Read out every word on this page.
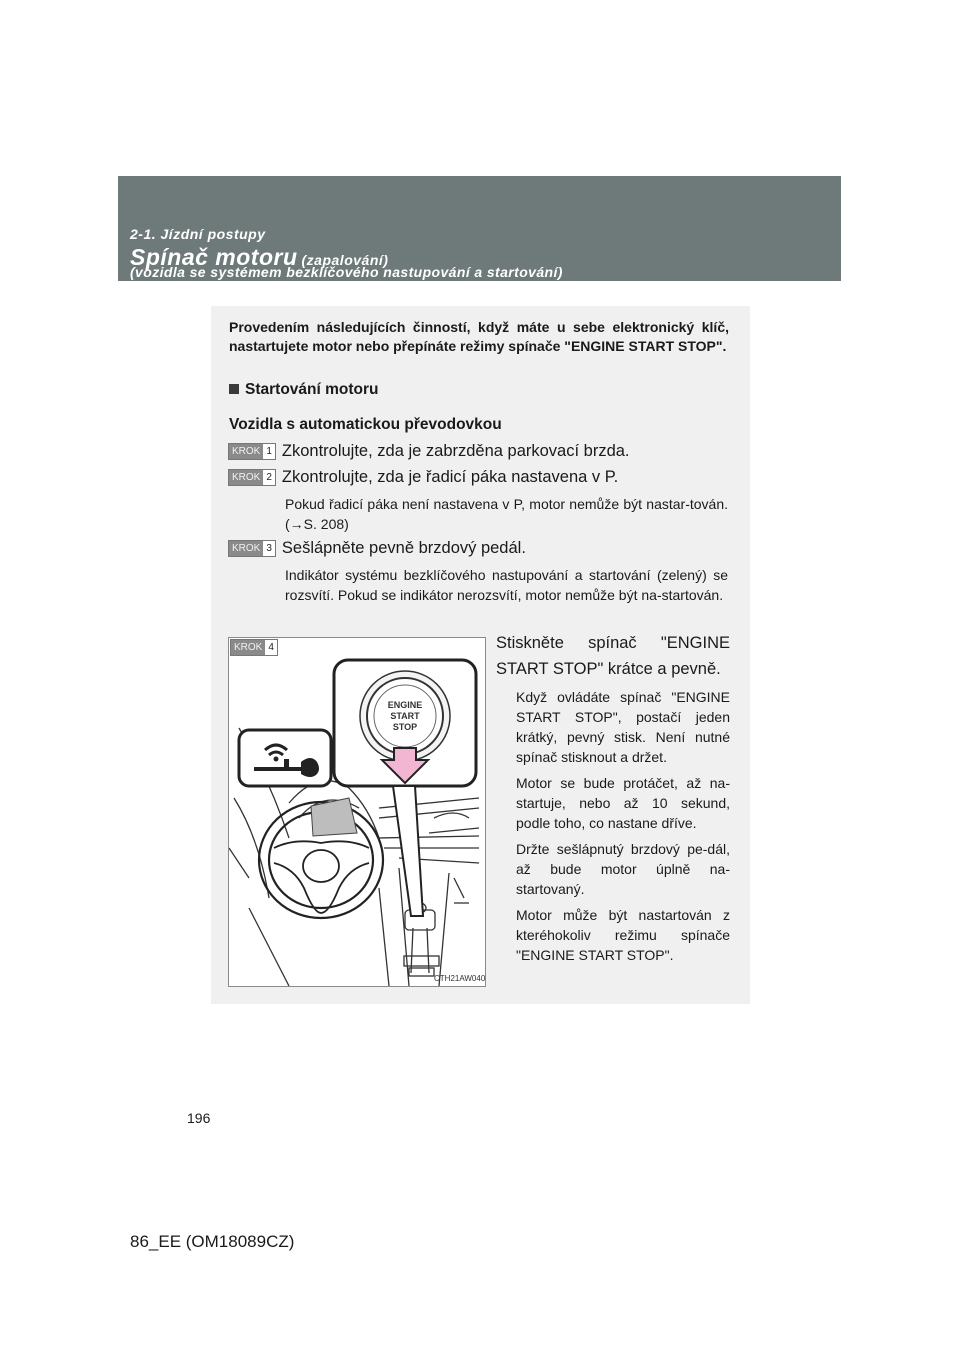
2-1. Jízdní postupy
Spínač motoru (zapalování)
(vozidla se systémem bezklíčového nastupování a startování)
Provedením následujících činností, když máte u sebe elektronický klíč, nastartujete motor nebo přepínáte režimy spínače "ENGINE START STOP".
Startování motoru
Vozidla s automatickou převodovkou
KROK 1 Zkontrolujte, zda je zabrzděna parkovací brzda.
KROK 2 Zkontrolujte, zda je řadicí páka nastavena v P.
Pokud řadicí páka není nastavena v P, motor nemůže být nastar-tován. (→S. 208)
KROK 3 Sešlápněte pevně brzdový pedál.
Indikátor systému bezklíčového nastupování a startování (zelený) se rozsvítí. Pokud se indikátor nerozsvítí, motor nemůže být na-startován.
ENGINE
START
STOP
CTH21AW040
KROK 4	Stiskněte spínač "ENGINE START STOP" krátce a pevně.
Když ovládáte spínač "ENGINE START STOP", postačí jeden krátký, pevný stisk. Není nutné spínač stisknout a držet.
Motor se bude protáčet, až na-startuje, nebo až 10 sekund, podle toho, co nastane dříve.
Držte sešlápnutý brzdový pe-dál, až bude motor úplně na-startovaný.
Motor může být nastartován z kteréhokoliv režimu spínače "ENGINE START STOP".
196
86_EE (OM18089CZ)
